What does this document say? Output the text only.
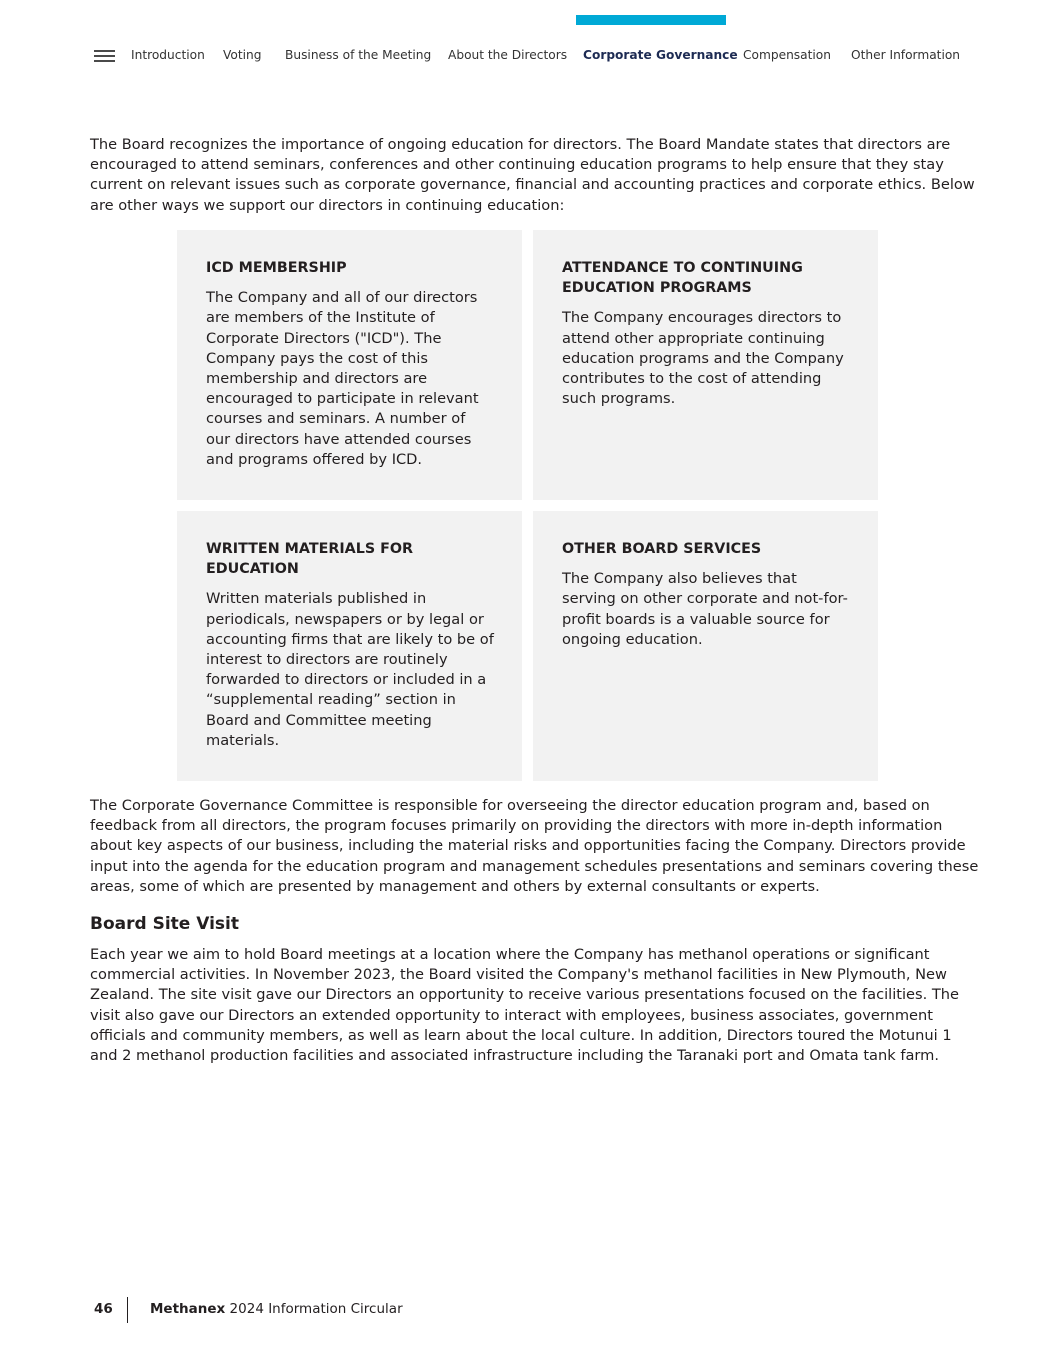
Introduction Voting Business of the Meeting About the Directors Corporate Governance Compensation Other Information

The Board recognizes the importance of ongoing education for directors. The Board Mandate states that directors are encouraged to attend seminars, conferences and other continuing education programs to help ensure that they stay current on relevant issues such as corporate governance, financial and accounting practices and corporate ethics. Below are other ways we support our directors in continuing education:

ICD MEMBERSHIP

The Company and all of our directors are members of the Institute of Corporate Directors ("ICD"). The Company pays the cost of this membership and directors are encouraged to participate in relevant courses and seminars. A number of our directors have attended courses and programs offered by ICD.

ATTENDANCE TO CONTINUING EDUCATION PROGRAMS

The Company encourages directors to attend other appropriate continuing education programs and the Company contributes to the cost of attending such programs.

WRITTEN MATERIALS FOR EDUCATION

Written materials published in periodicals, newspapers or by legal or accounting firms that are likely to be of interest to directors are routinely forwarded to directors or included in a “supplemental reading” section in Board and Committee meeting materials.

OTHER BOARD SERVICES

The Company also believes that serving on other corporate and not-for-profit boards is a valuable source for ongoing education.

The Corporate Governance Committee is responsible for overseeing the director education program and, based on feedback from all directors, the program focuses primarily on providing the directors with more in-depth information about key aspects of our business, including the material risks and opportunities facing the Company. Directors provide input into the agenda for the education program and management schedules presentations and seminars covering these areas, some of which are presented by management and others by external consultants or experts.

Board Site Visit

Each year we aim to hold Board meetings at a location where the Company has methanol operations or significant commercial activities. In November 2023, the Board visited the Company's methanol facilities in New Plymouth, New Zealand. The site visit gave our Directors an opportunity to receive various presentations focused on the facilities. The visit also gave our Directors an extended opportunity to interact with employees, business associates, government officials and community members, as well as learn about the local culture. In addition, Directors toured the Motunui 1 and 2 methanol production facilities and associated infrastructure including the Taranaki port and Omata tank farm.

46	Methanex 2024 Information Circular
